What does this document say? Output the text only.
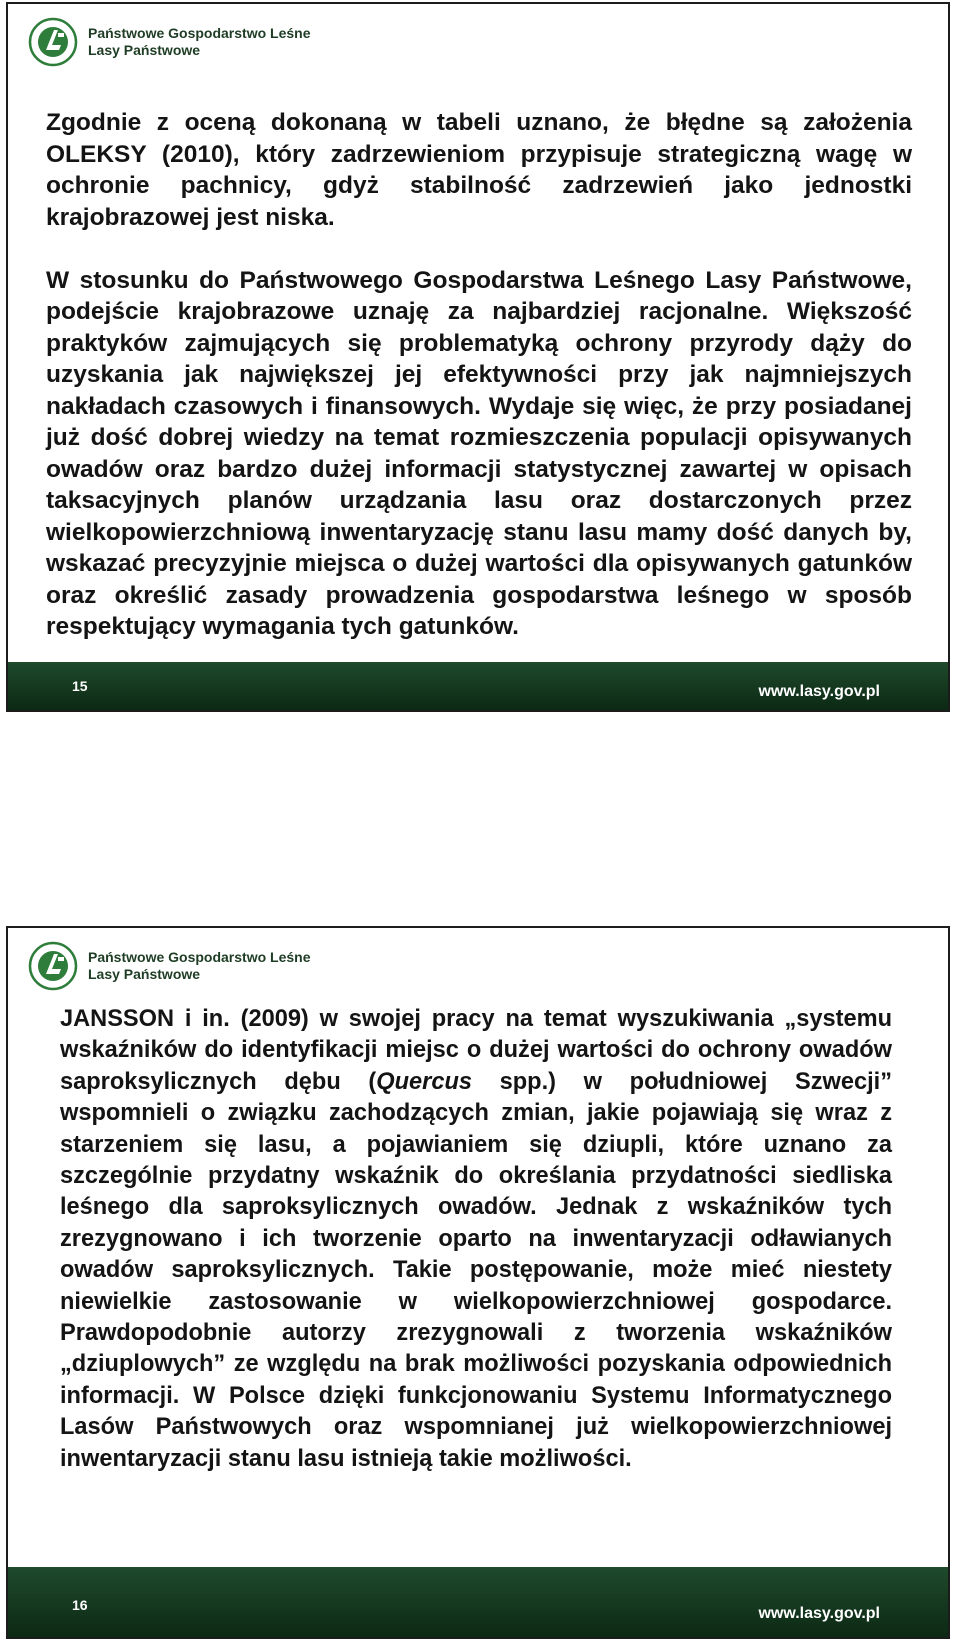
Państwowe Gospodarstwo Leśne
Lasy Państwowe

Zgodnie z oceną dokonaną w tabeli uznano, że błędne są założenia OLEKSY (2010), który zadrzewieniom przypisuje strategiczną wagę w ochronie pachnicy, gdyż stabilność zadrzewień jako jednostki krajobrazowej jest niska.

W stosunku do Państwowego Gospodarstwa Leśnego Lasy Państwowe, podejście krajobrazowe uznaję za najbardziej racjonalne. Większość praktyków zajmujących się problematyką ochrony przyrody dąży do uzyskania jak największej jej efektywności przy jak najmniejszych nakładach czasowych i finansowych. Wydaje się więc, że przy posiadanej już dość dobrej wiedzy na temat rozmieszczenia populacji opisywanych owadów oraz bardzo dużej informacji statystycznej zawartej w opisach taksacyjnych planów urządzania lasu oraz dostarczonych przez wielkopowierzchniową inwentaryzację stanu lasu mamy dość danych by, wskazać precyzyjnie miejsca o dużej wartości dla opisywanych gatunków oraz określić zasady prowadzenia gospodarstwa leśnego w sposób respektujący wymagania tych gatunków.

15	www.lasy.gov.pl
Państwowe Gospodarstwo Leśne
Lasy Państwowe

JANSSON i in. (2009) w swojej pracy na temat wyszukiwania „systemu wskaźników do identyfikacji miejsc o dużej wartości do ochrony owadów saproksylicznych dębu (Quercus spp.) w południowej Szwecji” wspomnieli o związku zachodzących zmian, jakie pojawiają się wraz z starzeniem się lasu, a pojawianiem się dziupli, które uznano za szczególnie przydatny wskaźnik do określania przydatności siedliska leśnego dla saproksylicznych owadów. Jednak z wskaźników tych zrezygnowano i ich tworzenie oparto na inwentaryzacji odławianych owadów saproksylicznych. Takie postępowanie, może mieć niestety niewielkie zastosowanie w wielkopowierzchniowej gospodarce. Prawdopodobnie autorzy zrezygnowali z tworzenia wskaźników „dziuplowych” ze względu na brak możliwości pozyskania odpowiednich informacji. W Polsce dzięki funkcjonowaniu Systemu Informatycznego Lasów Państwowych oraz wspomnianej już wielkopowierzchniowej inwentaryzacji stanu lasu istnieją takie możliwości.

16	www.lasy.gov.pl
